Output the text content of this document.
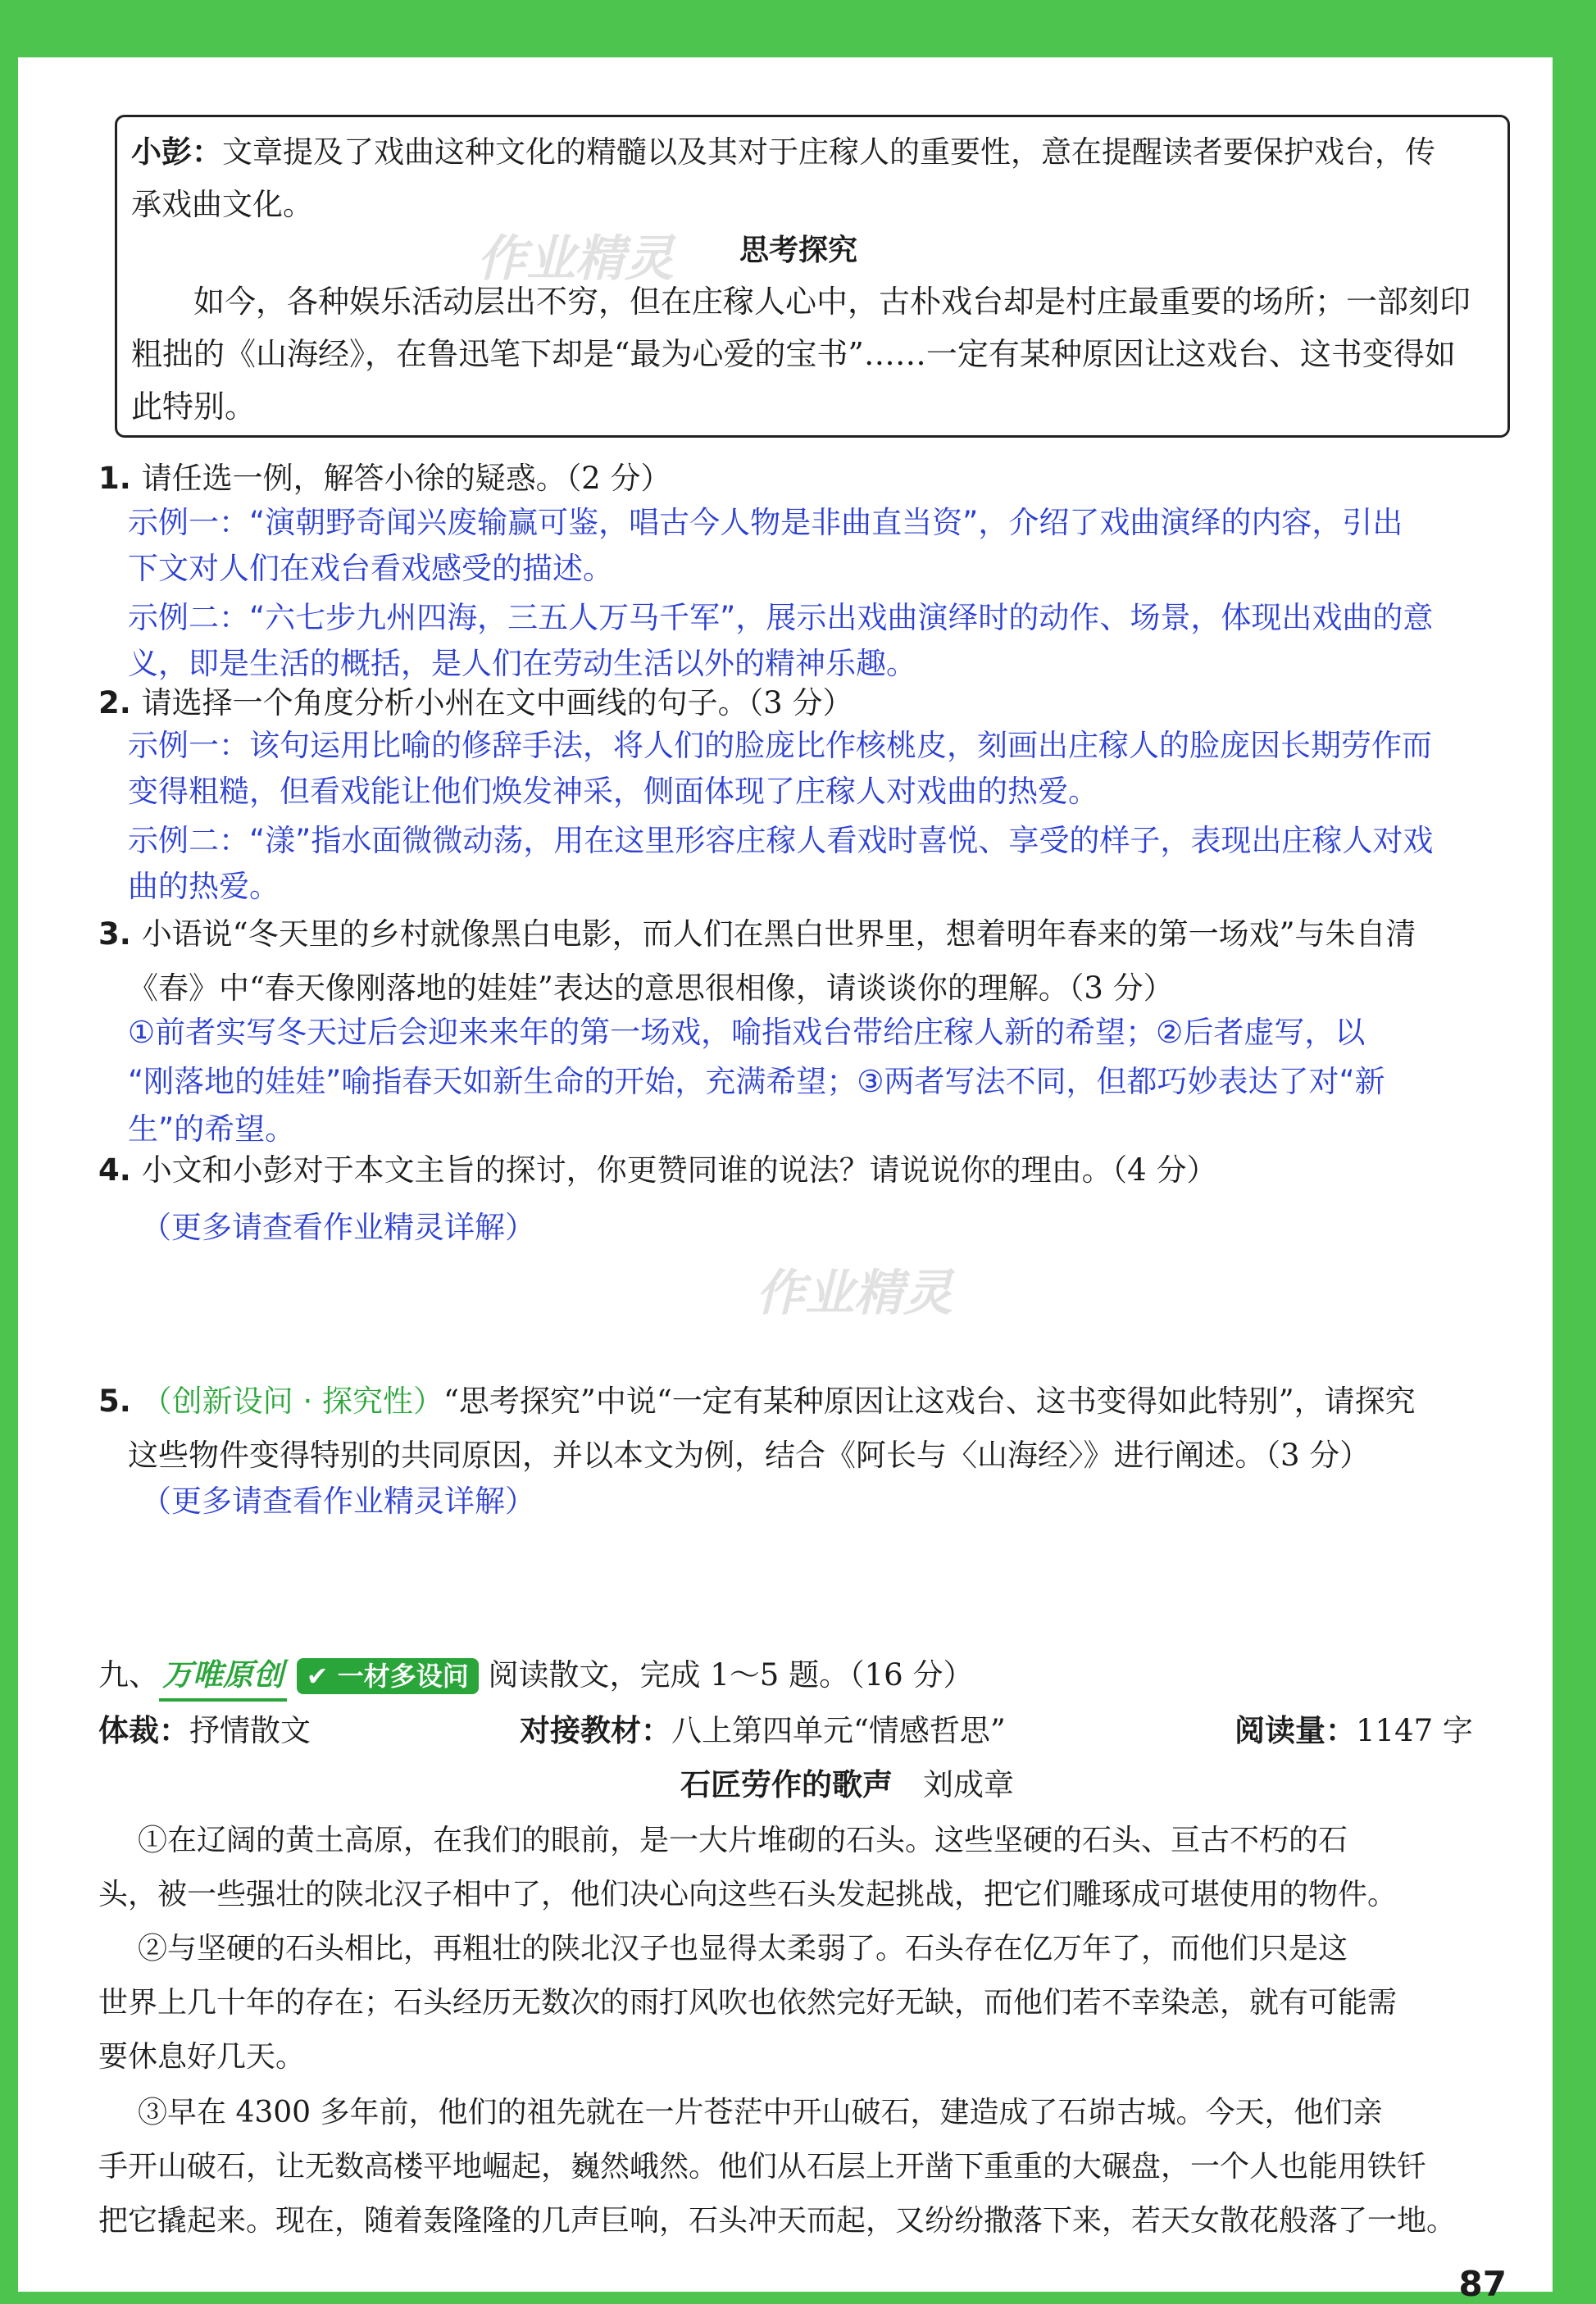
小彭：文章提及了戏曲这种文化的精髓以及其对于庄稼人的重要性，意在提醒读者要保护戏台，传
承戏曲文化。
作业精灵 思考探究
　　如今，各种娱乐活动层出不穷，但在庄稼人心中，古朴戏台却是村庄最重要的场所；一部刻印
粗拙的《山海经》，在鲁迅笔下却是“最为心爱的宝书”……一定有某种原因让这戏台、这书变得如
此特别。
1. 请任选一例，解答小徐的疑惑。（2 分）
示例一：“演朝野奇闻兴废输赢可鉴，唱古今人物是非曲直当资”，介绍了戏曲演绎的内容，引出
下文对人们在戏台看戏感受的描述。
示例二：“六七步九州四海，三五人万马千军”，展示出戏曲演绎时的动作、场景，体现出戏曲的意
义，即是生活的概括，是人们在劳动生活以外的精神乐趣。
2. 请选择一个角度分析小州在文中画线的句子。（3 分）
示例一：该句运用比喻的修辞手法，将人们的脸庞比作核桃皮，刻画出庄稼人的脸庞因长期劳作而
变得粗糙，但看戏能让他们焕发神采，侧面体现了庄稼人对戏曲的热爱。
示例二：“漾”指水面微微动荡，用在这里形容庄稼人看戏时喜悦、享受的样子，表现出庄稼人对戏
曲的热爱。
3. 小语说“冬天里的乡村就像黑白电影，而人们在黑白世界里，想着明年春来的第一场戏”与朱自清
《春》中“春天像刚落地的娃娃”表达的意思很相像，请谈谈你的理解。（3 分）
①前者实写冬天过后会迎来来年的第一场戏，喻指戏台带给庄稼人新的希望；②后者虚写，以
“刚落地的娃娃”喻指春天如新生命的开始，充满希望；③两者写法不同，但都巧妙表达了对“新
生”的希望。
4. 小文和小彭对于本文主旨的探讨，你更赞同谁的说法？请说说你的理由。（4 分）
（更多请查看作业精灵详解）
作业精灵
5. （创新设问 · 探究性）“思考探究”中说“一定有某种原因让这戏台、这书变得如此特别”，请探究
这些物件变得特别的共同原因，并以本文为例，结合《阿长与〈山海经〉》进行阐述。（3 分）
（更多请查看作业精灵详解）
九、 万唯原创 ✔ 一材多设问 阅读散文，完成 1～5 题。（16 分）
体裁：抒情散文	对接教材：八上第四单元“情感哲思”	阅读量：1147 字
石匠劳作的歌声　 刘成章
①在辽阔的黄土高原，在我们的眼前，是一大片堆砌的石头。这些坚硬的石头、亘古不朽的石
头，被一些强壮的陕北汉子相中了，他们决心向这些石头发起挑战，把它们雕琢成可堪使用的物件。
②与坚硬的石头相比，再粗壮的陕北汉子也显得太柔弱了。石头存在亿万年了，而他们只是这
世界上几十年的存在；石头经历无数次的雨打风吹也依然完好无缺，而他们若不幸染恙，就有可能需
要休息好几天。
③早在 4300 多年前，他们的祖先就在一片苍茫中开山破石，建造成了石峁古城。今天，他们亲
手开山破石，让无数高楼平地崛起，巍然峨然。他们从石层上开凿下重重的大碾盘，一个人也能用铁钎
把它撬起来。现在，随着轰隆隆的几声巨响，石头冲天而起，又纷纷撒落下来，若天女散花般落了一地。
87
